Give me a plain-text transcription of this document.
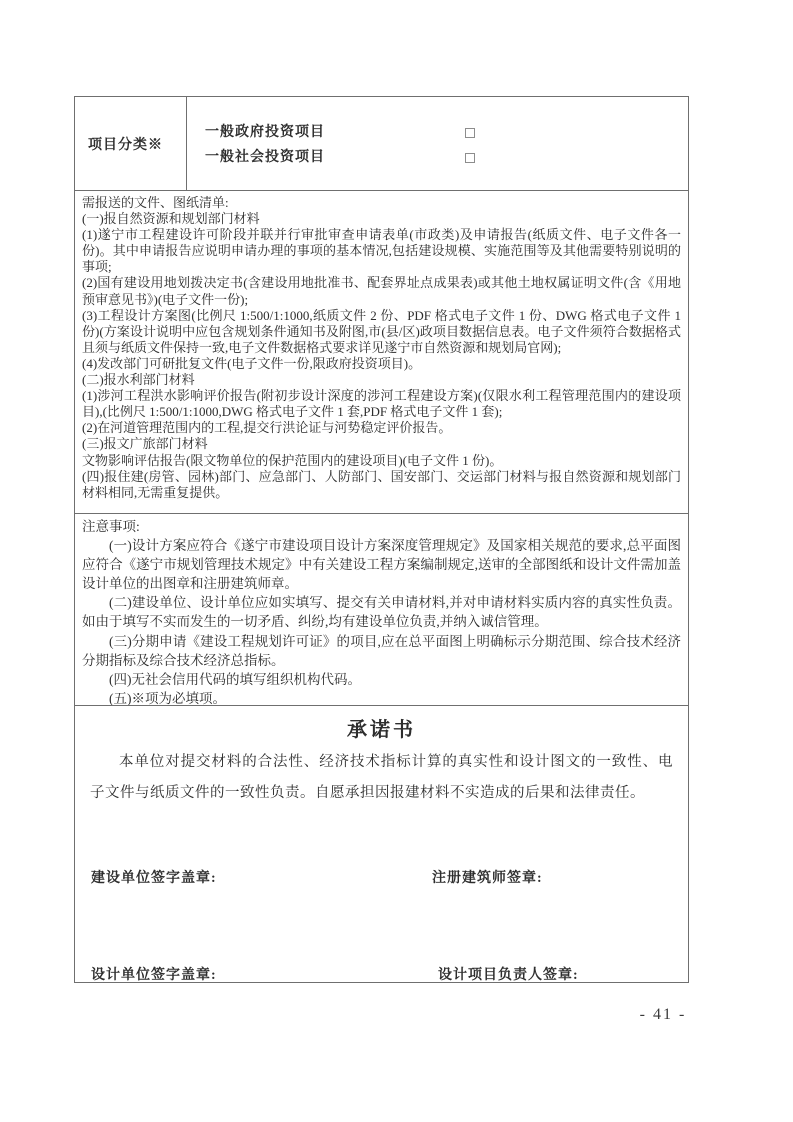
项目分类※
一般政府投资项目
一般社会投资项目

需报送的文件、图纸清单:

(一)报自然资源和规划部门材料

(1)遂宁市工程建设许可阶段并联并行审批审查申请表单(市政类)及申请报告(纸质文件、电子文件各一份)。其中申请报告应说明申请办理的事项的基本情况,包括建设规模、实施范围等及其他需要特别说明的事项;

(2)国有建设用地划拨决定书(含建设用地批准书、配套界址点成果表)或其他土地权属证明文件(含《用地预审意见书》)(电子文件一份);

(3)工程设计方案图(比例尺 1:500/1:1000,纸质文件 2 份、PDF 格式电子文件 1 份、DWG 格式电子文件 1 份)(方案设计说明中应包含规划条件通知书及附图,市(县/区)政项目数据信息表。电子文件须符合数据格式且须与纸质文件保持一致,电子文件数据格式要求详见遂宁市自然资源和规划局官网);

(4)发改部门可研批复文件(电子文件一份,限政府投资项目)。

(二)报水利部门材料

(1)涉河工程洪水影响评价报告(附初步设计深度的涉河工程建设方案)(仅限水利工程管理范围内的建设项目),(比例尺 1:500/1:1000,DWG 格式电子文件 1 套,PDF 格式电子文件 1 套);

(2)在河道管理范围内的工程,提交行洪论证与河势稳定评价报告。

(三)报文广旅部门材料

文物影响评估报告(限文物单位的保护范围内的建设项目)(电子文件 1 份)。

(四)报住建(房管、园林)部门、应急部门、人防部门、国安部门、交运部门材料与报自然资源和规划部门材料相同,无需重复提供。

注意事项:

(一)设计方案应符合《遂宁市建设项目设计方案深度管理规定》及国家相关规范的要求,总平面图应符合《遂宁市规划管理技术规定》中有关建设工程方案编制规定,送审的全部图纸和设计文件需加盖设计单位的出图章和注册建筑师章。

(二)建设单位、设计单位应如实填写、提交有关申请材料,并对申请材料实质内容的真实性负责。如由于填写不实而发生的一切矛盾、纠纷,均有建设单位负责,并纳入诚信管理。

(三)分期申请《建设工程规划许可证》的项目,应在总平面图上明确标示分期范围、综合技术经济分期指标及综合技术经济总指标。

(四)无社会信用代码的填写组织机构代码。

(五)※项为必填项。

承诺书

本单位对提交材料的合法性、经济技术指标计算的真实性和设计图文的一致性、电子文件与纸质文件的一致性负责。自愿承担因报建材料不实造成的后果和法律责任。

建设单位签字盖章:	注册建筑师签章:
设计单位签字盖章:	设计项目负责人签章:
- 41 -
